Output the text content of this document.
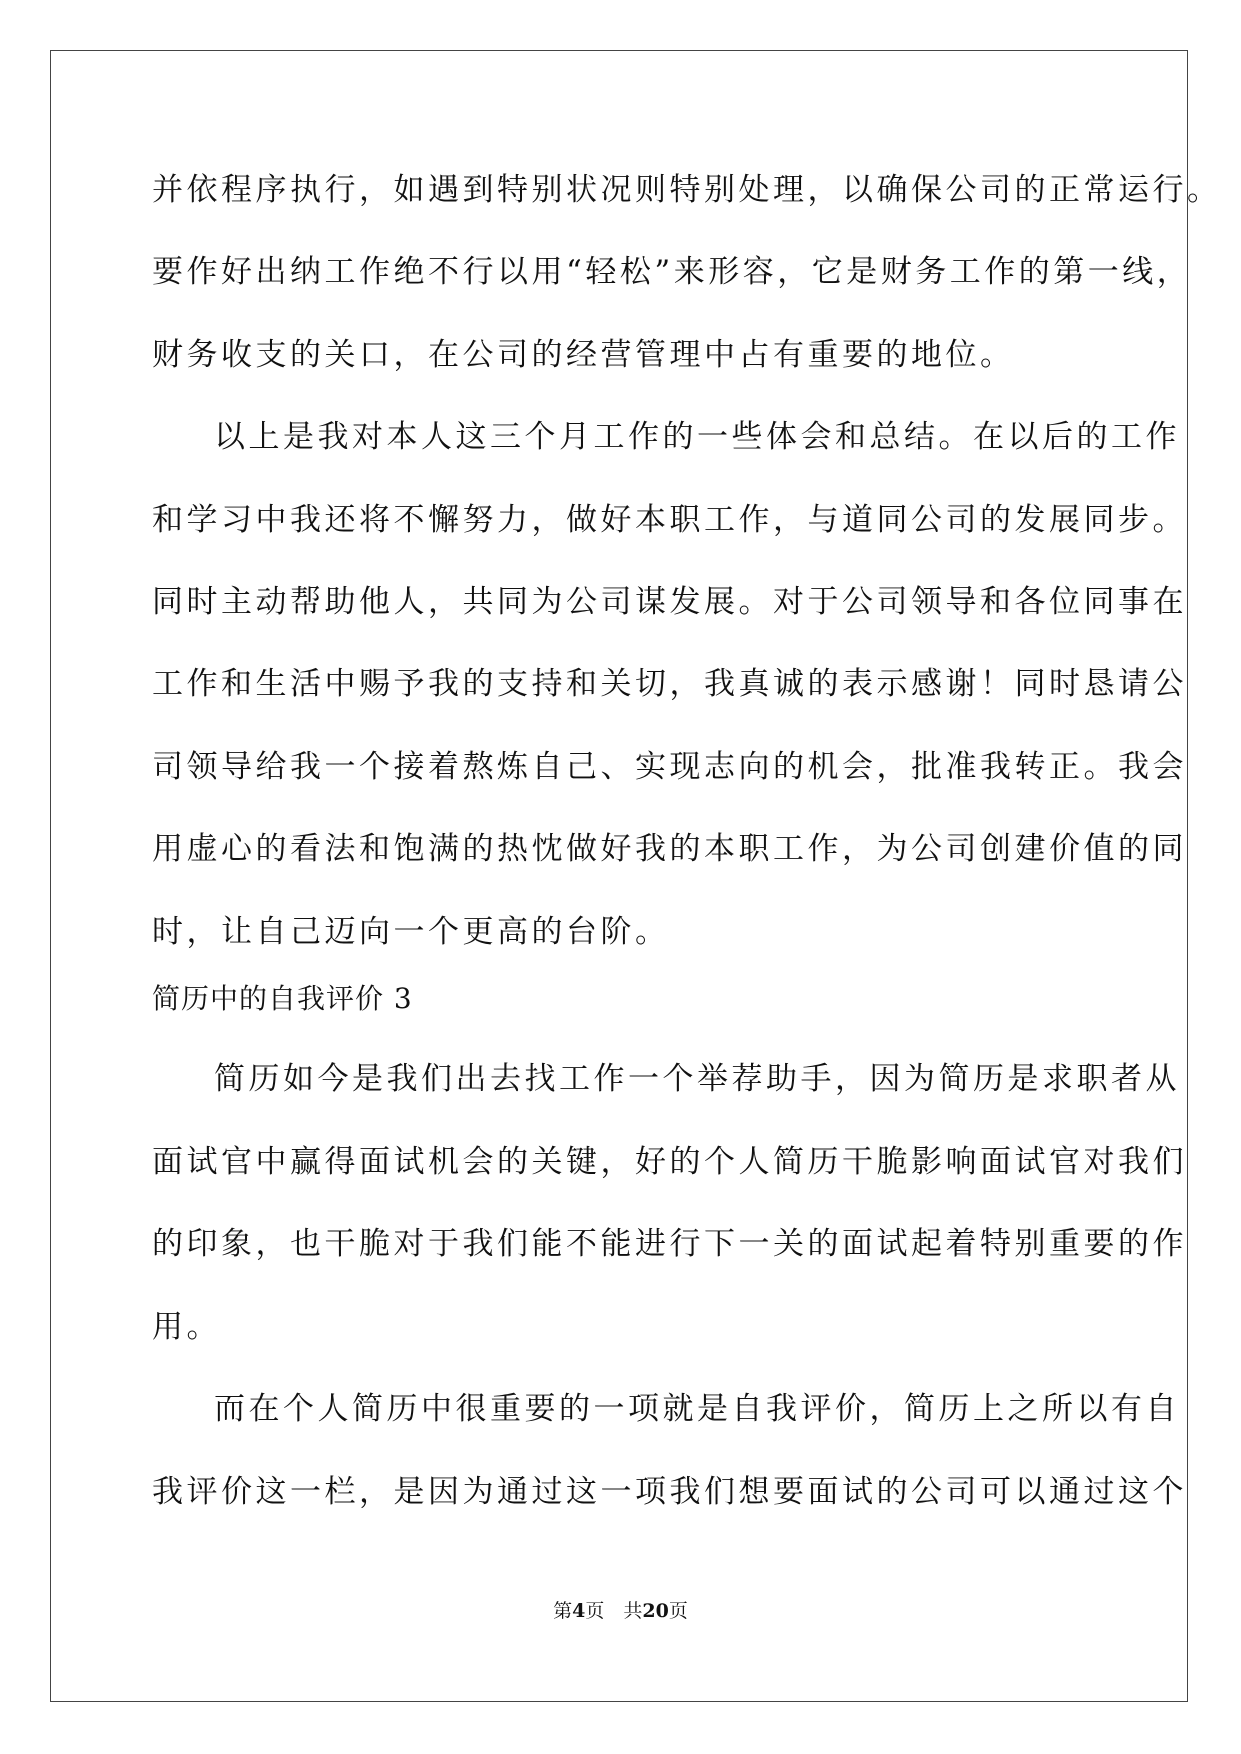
并依程序执行，如遇到特别状况则特别处理，以确保公司的正常运行。
要作好出纳工作绝不行以用“轻松”来形容，它是财务工作的第一线，
财务收支的关口，在公司的经营管理中占有重要的地位。
以上是我对本人这三个月工作的一些体会和总结。在以后的工作
和学习中我还将不懈努力，做好本职工作，与道同公司的发展同步。
同时主动帮助他人，共同为公司谋发展。对于公司领导和各位同事在
工作和生活中赐予我的支持和关切，我真诚的表示感谢！同时恳请公
司领导给我一个接着熬炼自己、实现志向的机会，批准我转正。我会
用虚心的看法和饱满的热忱做好我的本职工作，为公司创建价值的同
时，让自己迈向一个更高的台阶。
简历中的自我评价 3
简历如今是我们出去找工作一个举荐助手，因为简历是求职者从
面试官中赢得面试机会的关键，好的个人简历干脆影响面试官对我们
的印象，也干脆对于我们能不能进行下一关的面试起着特别重要的作
用。
而在个人简历中很重要的一项就是自我评价，简历上之所以有自
我评价这一栏，是因为通过这一项我们想要面试的公司可以通过这个
第4页　共20页
